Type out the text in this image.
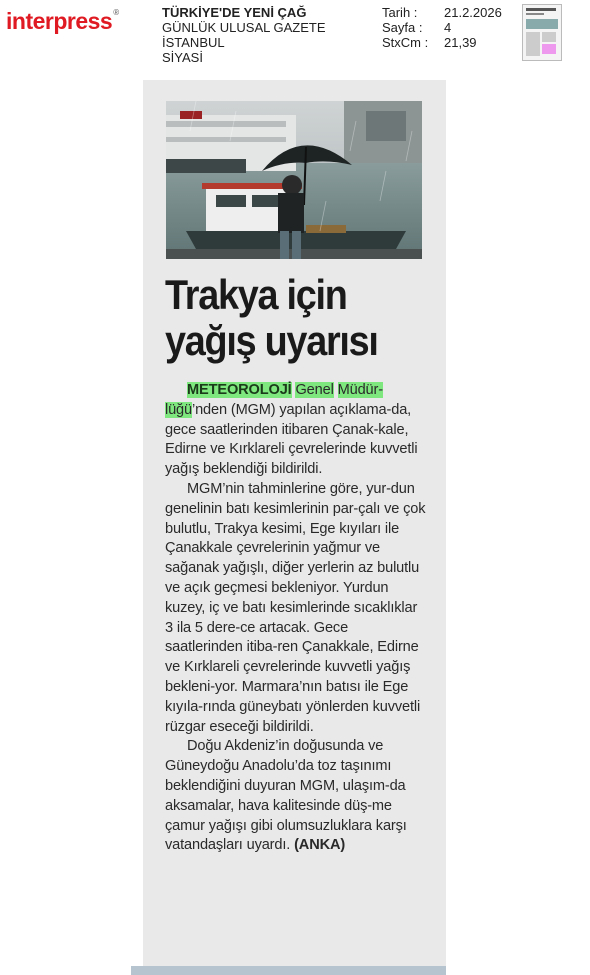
interpress®	TÜRKİYE'DE YENİ ÇAĞ
GÜNLÜK ULUSAL GAZETE
İSTANBUL
SİYASİ
Tarih :	21.2.2026
Sayfa :	4
StxCm :	21,39
Trakya için
yağış uyarısı

METEOROLOJİ Genel Müdür-lüğü’nden (MGM) yapılan açıklama-da, gece saatlerinden itibaren Çanak-kale, Edirne ve Kırklareli çevrelerinde kuvvetli yağış beklendiği bildirildi.

MGM’nin tahminlerine göre, yur-dun genelinin batı kesimlerinin par-çalı ve çok bulutlu, Trakya kesimi, Ege kıyıları ile Çanakkale çevrelerinin yağmur ve sağanak yağışlı, diğer yerlerin az bulutlu ve açık geçmesi bekleniyor. Yurdun kuzey, iç ve batı kesimlerinde sıcaklıklar 3 ila 5 dere-ce artacak. Gece saatlerinden itiba-ren Çanakkale, Edirne ve Kırklareli çevrelerinde kuvvetli yağış bekleni-yor. Marmara’nın batısı ile Ege kıyıla-rında güneybatı yönlerden kuvvetli rüzgar eseceği bildirildi.

Doğu Akdeniz’in doğusunda ve Güneydoğu Anadolu’da toz taşınımı beklendiğini duyuran MGM, ulaşım-da aksamalar, hava kalitesinde düş-me çamur yağışı gibi olumsuzluklara karşı vatandaşları uyardı. (ANKA)
